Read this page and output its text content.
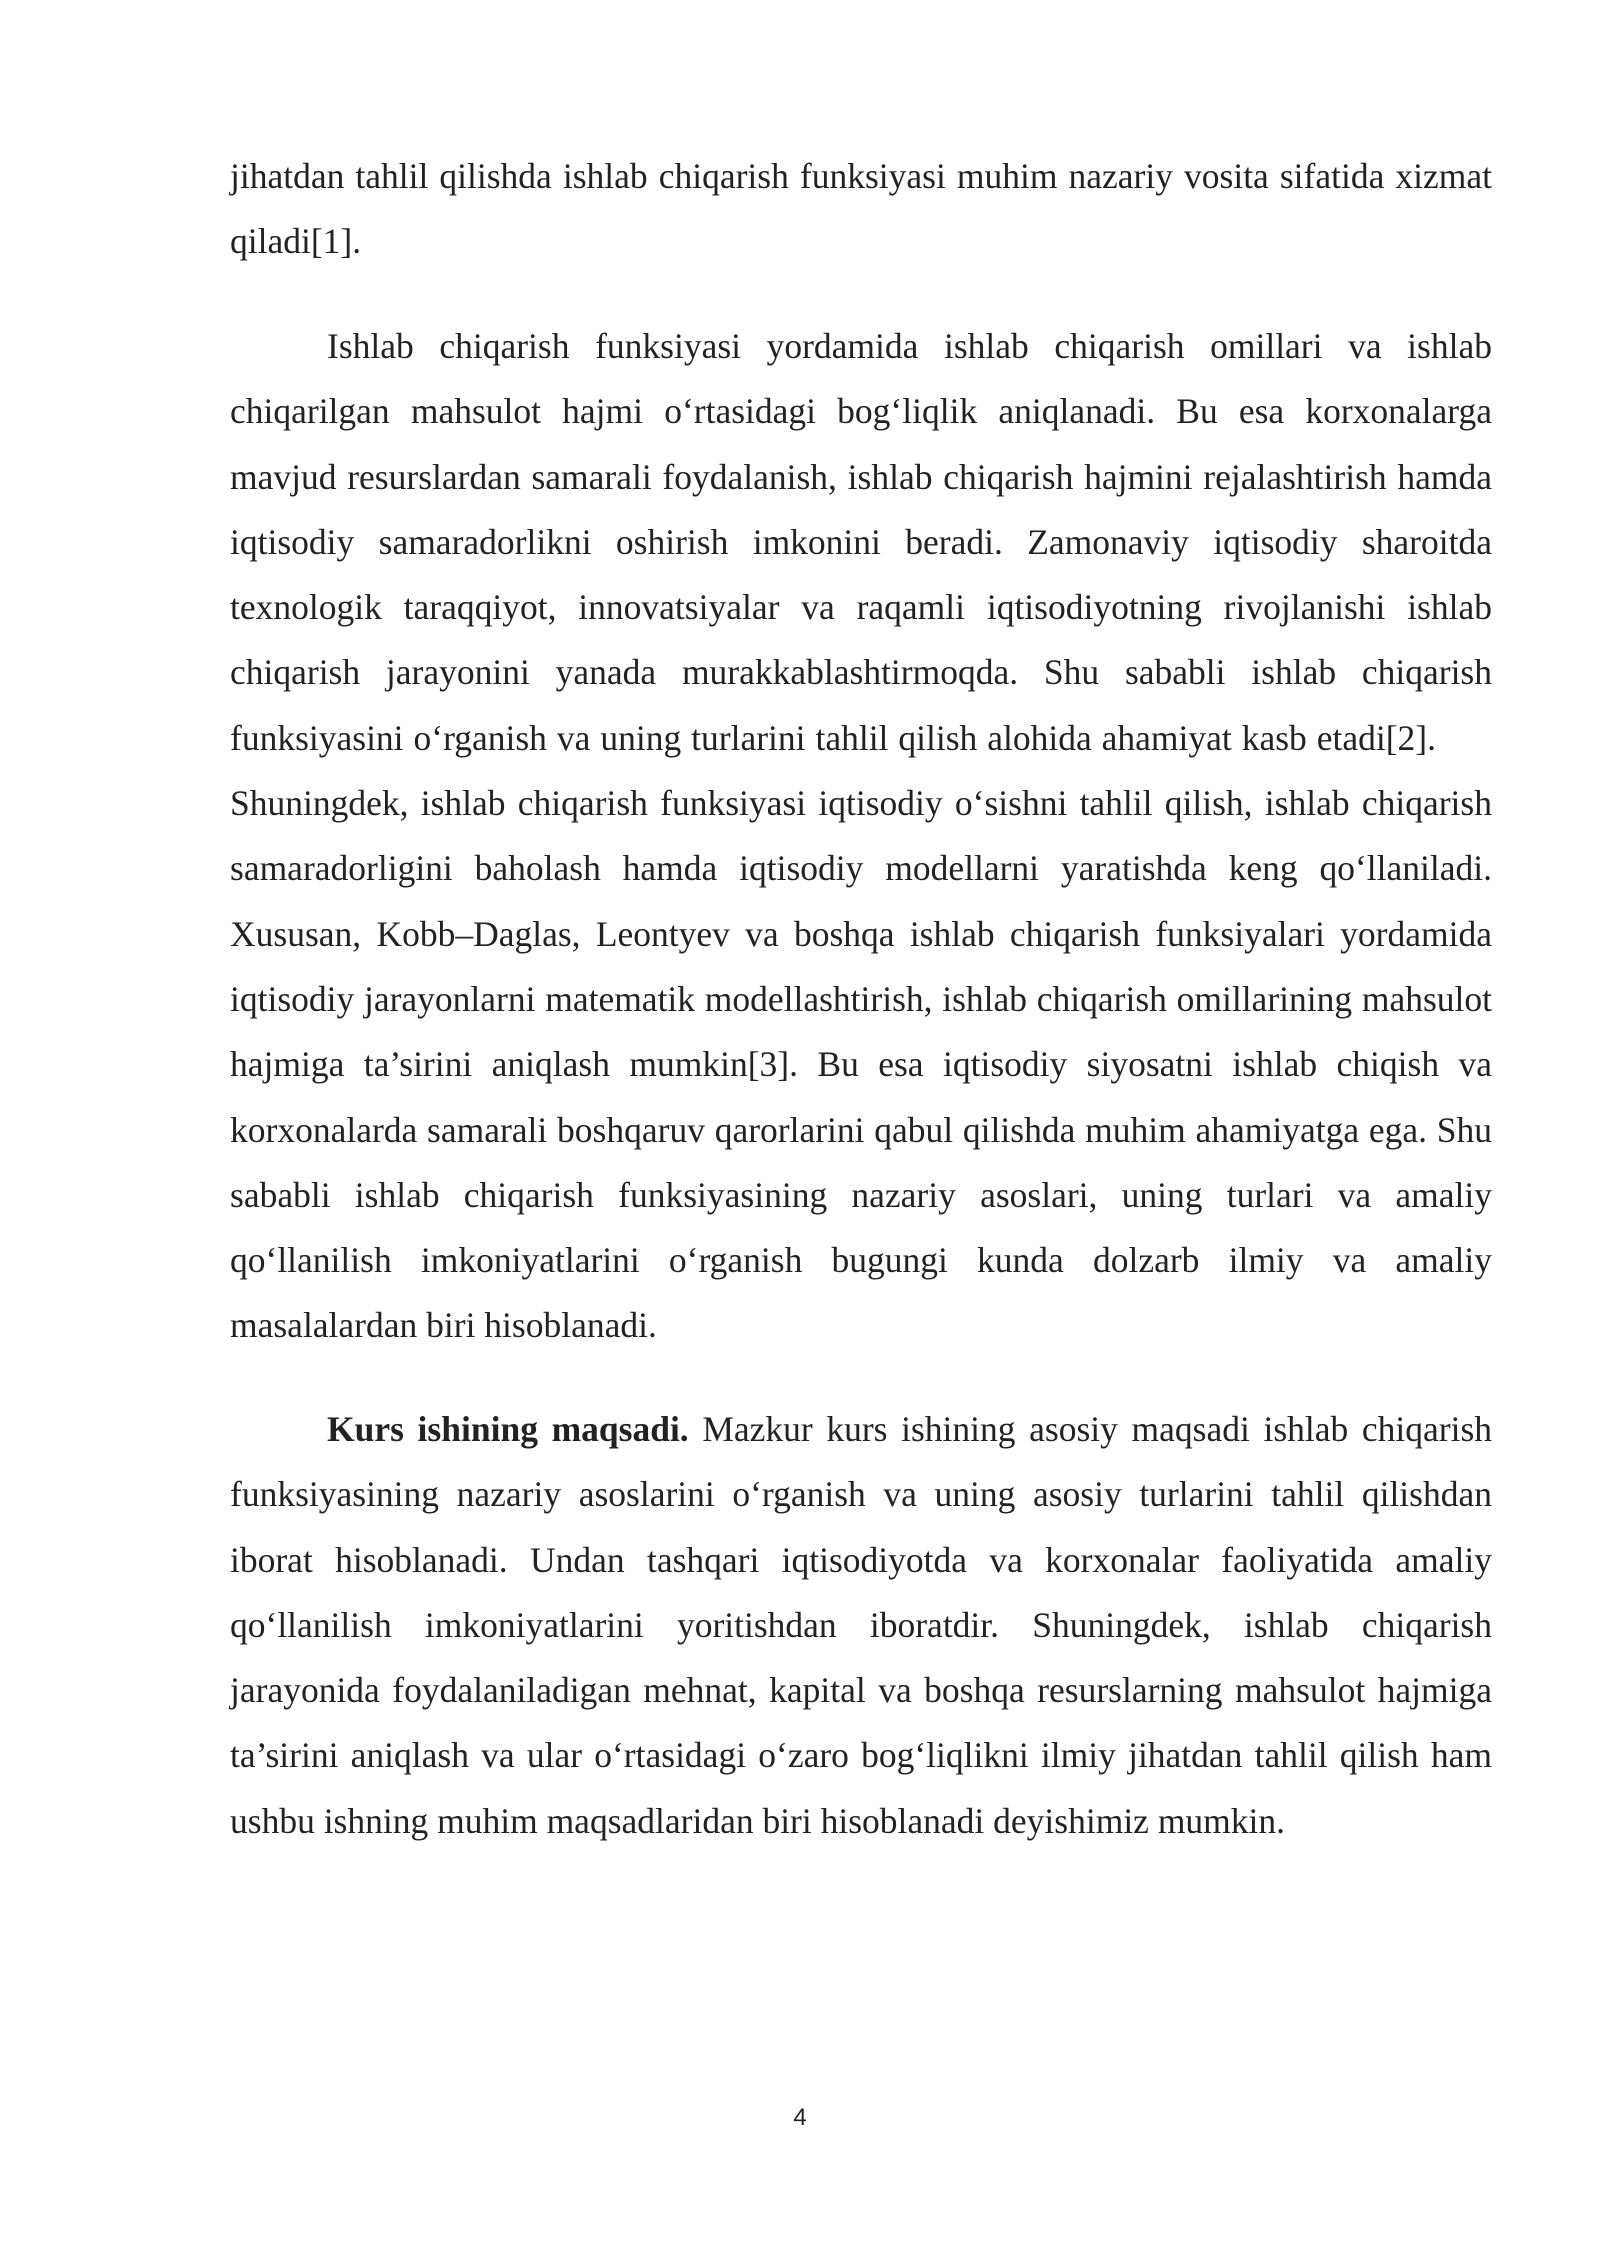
jihatdan tahlil qilishda ishlab chiqarish funksiyasi muhim nazariy vosita sifatida xizmat qiladi[1].

Ishlab chiqarish funksiyasi yordamida ishlab chiqarish omillari va ishlab chiqarilgan mahsulot hajmi o‘rtasidagi bog‘liqlik aniqlanadi. Bu esa korxonalarga mavjud resurslardan samarali foydalanish, ishlab chiqarish hajmini rejalashtirish hamda iqtisodiy samaradorlikni oshirish imkonini beradi. Zamonaviy iqtisodiy sharoitda texnologik taraqqiyot, innovatsiyalar va raqamli iqtisodiyotning rivojlanishi ishlab chiqarish jarayonini yanada murakkablashtirmoqda. Shu sababli ishlab chiqarish funksiyasini o‘rganish va uning turlarini tahlil qilish alohida ahamiyat kasb etadi[2].Shuningdek, ishlab chiqarish funksiyasi iqtisodiy o‘sishni tahlil qilish, ishlab chiqarish samaradorligini baholash hamda iqtisodiy modellarni yaratishda keng qo‘llaniladi. Xususan, Kobb–Daglas, Leontyev va boshqa ishlab chiqarish funksiyalari yordamida iqtisodiy jarayonlarni matematik modellashtirish, ishlab chiqarish omillarining mahsulot hajmiga ta’sirini aniqlash mumkin[3]. Bu esa iqtisodiy siyosatni ishlab chiqish va korxonalarda samarali boshqaruv qarorlarini qabul qilishda muhim ahamiyatga ega. Shu sababli ishlab chiqarish funksiyasining nazariy asoslari, uning turlari va amaliy qo‘llanilish imkoniyatlarini o‘rganish bugungi kunda dolzarb ilmiy va amaliy masalalardan biri hisoblanadi.

Kurs ishining maqsadi. Mazkur kurs ishining asosiy maqsadi ishlab chiqarish funksiyasining nazariy asoslarini o‘rganish va uning asosiy turlarini tahlil qilishdan iborat hisoblanadi. Undan tashqari iqtisodiyotda va korxonalar faoliyatida amaliy qo‘llanilish imkoniyatlarini yoritishdan iboratdir. Shuningdek, ishlab chiqarish jarayonida foydalaniladigan mehnat, kapital va boshqa resurslarning mahsulot hajmiga ta’sirini aniqlash va ular o‘rtasidagi o‘zaro bog‘liqlikni ilmiy jihatdan tahlil qilish ham ushbu ishning muhim maqsadlaridan biri hisoblanadi deyishimiz mumkin.

4
